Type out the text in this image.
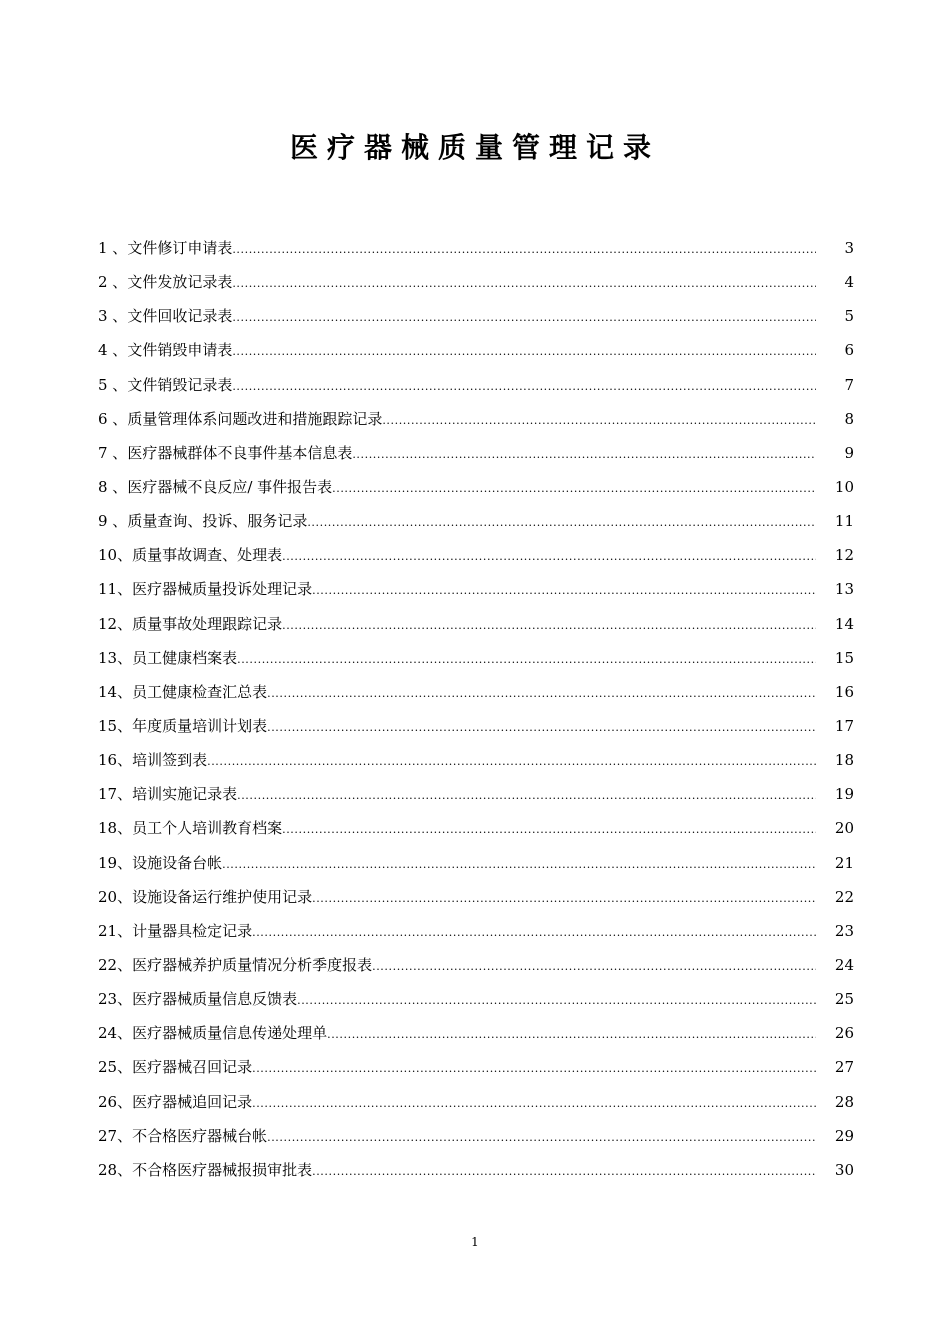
医疗器械质量管理记录
1 、 文件修订申请表 .....	3
2 、 文件发放记录表 .....	4
3 、 文件回收记录表 .....	5
4 、 文件销毁申请表 .....	6
5 、 文件销毁记录表 .....	7
6 、 质量管理体系问题改进和措施跟踪记录 .....	8
7 、 医疗器械群体不良事件基本信息表 .....	9
8 、 医疗器械不良反应/ 事件报告表 .....	10
9 、 质量查询、投诉、服务记录 .....	11
10、 质量事故调查、处理表 .....	12
11、 医疗器械质量投诉处理记录 .....	13
12、 质量事故处理跟踪记录 .....	14
13、 员工健康档案表 .....	15
14、 员工健康检查汇总表 .....	16
15、 年度质量培训计划表 .....	17
16、 培训签到表 .....	18
17、 培训实施记录表 .....	19
18、 员工个人培训教育档案 .....	20
19、 设施设备台帐 .....	21
20、 设施设备运行维护使用记录 .....	22
21、 计量器具检定记录 .....	23
22、 医疗器械养护质量情况分析季度报表 .....	24
23、 医疗器械质量信息反馈表 .....	25
24、 医疗器械质量信息传递处理单 .....	26
25、 医疗器械召回记录 .....	27
26、 医疗器械追回记录 .....	28
27、 不合格医疗器械台帐 .....	29
28、 不合格医疗器械报损审批表 .....	30
1
